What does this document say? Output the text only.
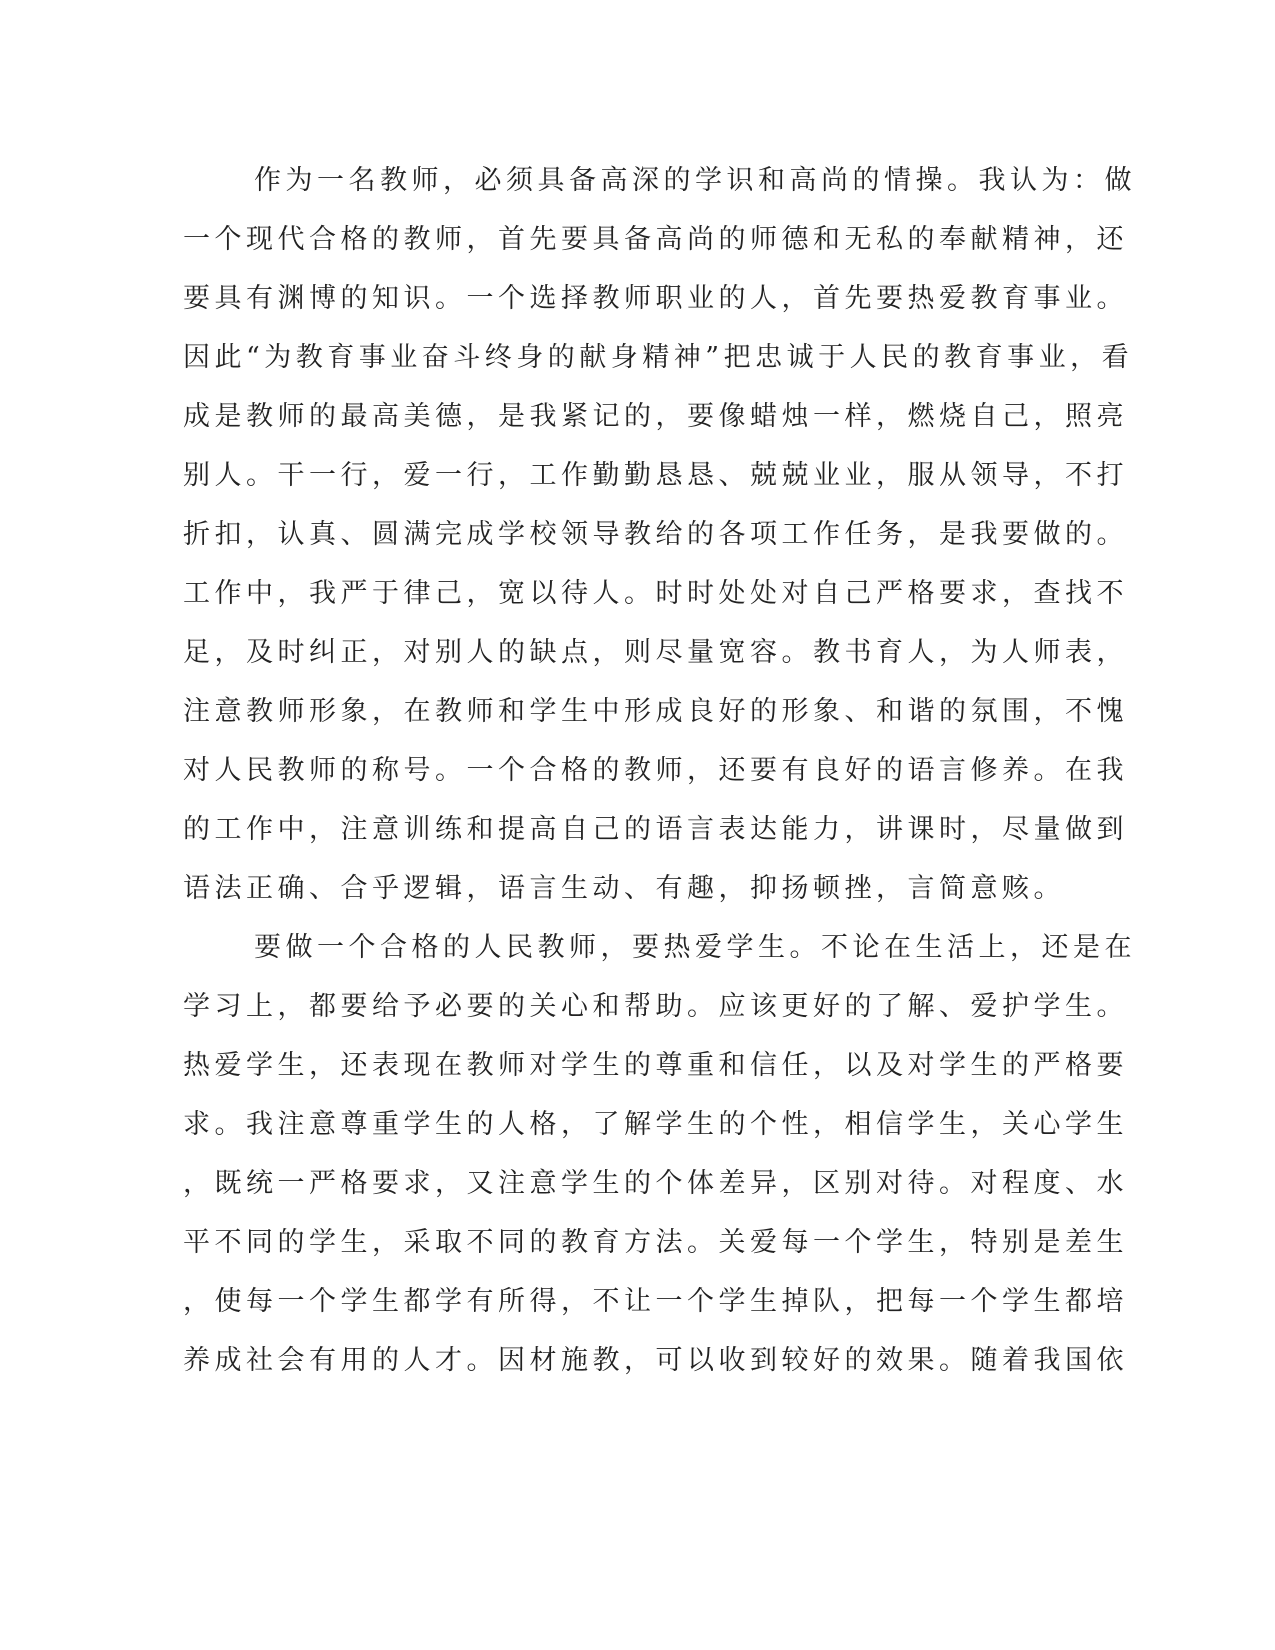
作为一名教师，必须具备高深的学识和高尚的情操。我认为：做
一个现代合格的教师，首先要具备高尚的师德和无私的奉献精神，还
要具有渊博的知识。一个选择教师职业的人，首先要热爱教育事业。
因此“为教育事业奋斗终身的献身精神”把忠诚于人民的教育事业，看
成是教师的最高美德，是我紧记的，要像蜡烛一样，燃烧自己，照亮
别人。干一行，爱一行，工作勤勤恳恳、兢兢业业，服从领导，不打
折扣，认真、圆满完成学校领导教给的各项工作任务，是我要做的。
工作中，我严于律己，宽以待人。时时处处对自己严格要求，查找不
足，及时纠正，对别人的缺点，则尽量宽容。教书育人，为人师表，
注意教师形象，在教师和学生中形成良好的形象、和谐的氛围，不愧
对人民教师的称号。一个合格的教师，还要有良好的语言修养。在我
的工作中，注意训练和提高自己的语言表达能力，讲课时，尽量做到
语法正确、合乎逻辑，语言生动、有趣，抑扬顿挫，言简意赅。
要做一个合格的人民教师，要热爱学生。不论在生活上，还是在
学习上，都要给予必要的关心和帮助。应该更好的了解、爱护学生。
热爱学生，还表现在教师对学生的尊重和信任，以及对学生的严格要
求。我注意尊重学生的人格，了解学生的个性，相信学生，关心学生
，既统一严格要求，又注意学生的个体差异，区别对待。对程度、水
平不同的学生，采取不同的教育方法。关爱每一个学生，特别是差生
，使每一个学生都学有所得，不让一个学生掉队，把每一个学生都培
养成社会有用的人才。因材施教，可以收到较好的效果。随着我国依
